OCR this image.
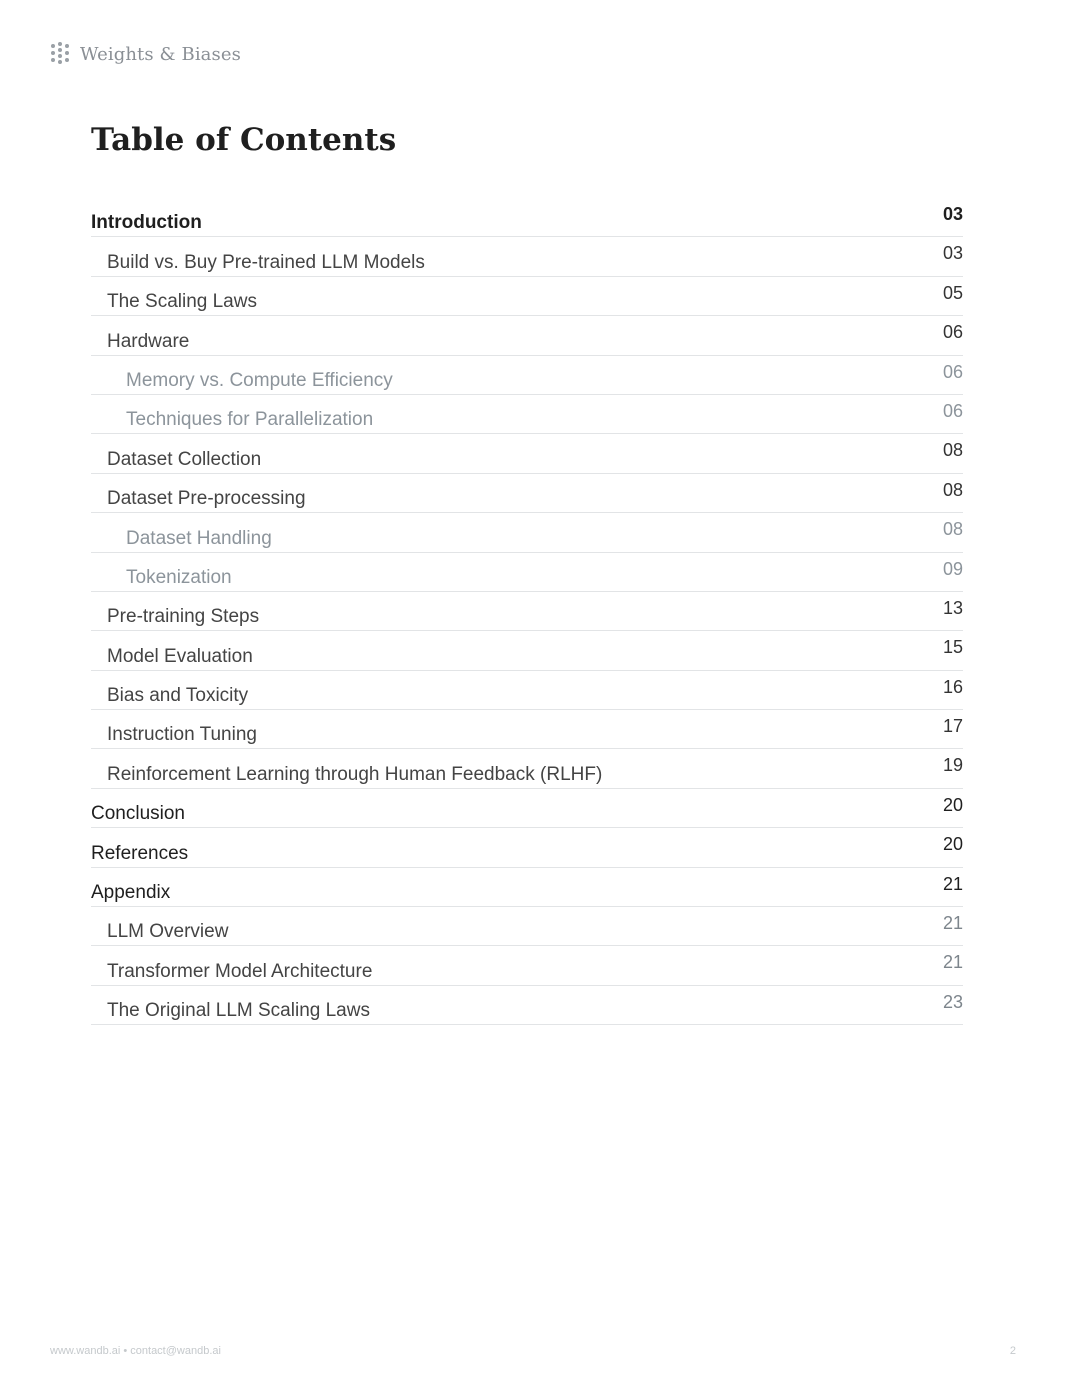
Weights & Biases
Table of Contents
Introduction	03
Build vs. Buy Pre-trained LLM Models	03
The Scaling Laws	05
Hardware	06
Memory vs. Compute Efficiency	06
Techniques for Parallelization	06
Dataset Collection	08
Dataset Pre-processing	08
Dataset Handling	08
Tokenization	09
Pre-training Steps	13
Model Evaluation	15
Bias and Toxicity	16
Instruction Tuning	17
Reinforcement Learning through Human Feedback (RLHF)	19
Conclusion	20
References	20
Appendix	21
LLM Overview	21
Transformer Model Architecture	21
The Original LLM Scaling Laws	23
www.wandb.ai • contact@wandb.ai	2
